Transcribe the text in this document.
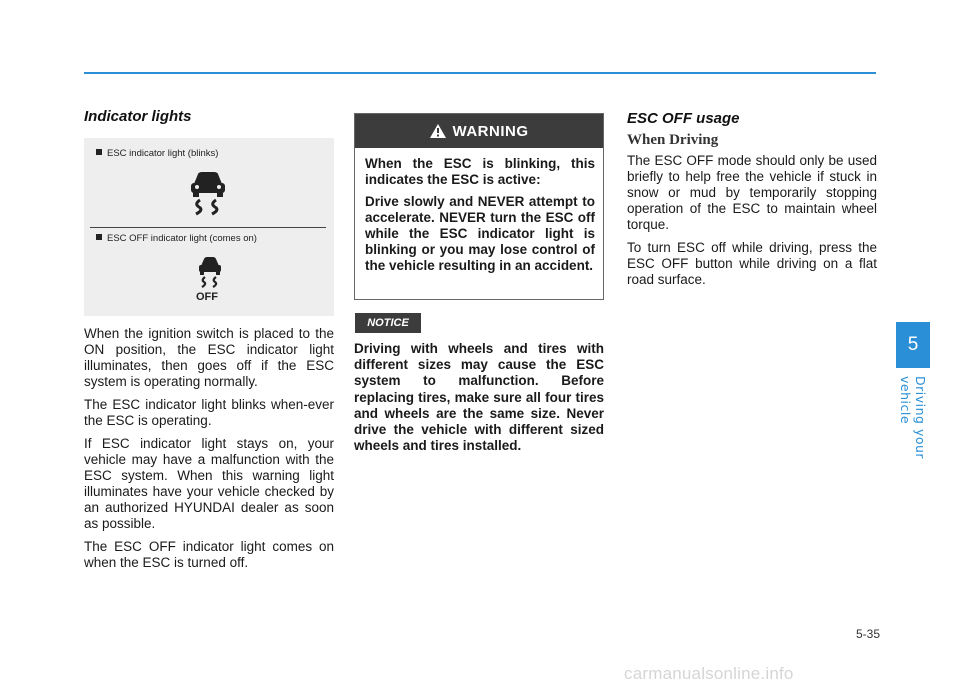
Indicator lights
ESC indicator light (blinks)
ESC OFF indicator light (comes on)
OFF

When the ignition switch is placed to the ON position, the ESC indicator light illuminates, then goes off if the ESC system is operating normally.

The ESC indicator light blinks when-ever the ESC is operating.

If ESC indicator light stays on, your vehicle may have a malfunction with the ESC system. When this warning light illuminates have your vehicle checked by an authorized HYUNDAI dealer as soon as possible.

The ESC OFF indicator light comes on when the ESC is turned off.

WARNING

When the ESC is blinking, this indicates the ESC is active:

Drive slowly and NEVER attempt to accelerate. NEVER turn the ESC off while the ESC indicator light is blinking or you may lose control of the vehicle resulting in an accident.

NOTICE

Driving with wheels and tires with different sizes may cause the ESC system to malfunction. Before replacing tires, make sure all four tires and wheels are the same size. Never drive the vehicle with different sized wheels and tires installed.

ESC OFF usage
When Driving

The ESC OFF mode should only be used briefly to help free the vehicle if stuck in snow or mud by temporarily stopping operation of the ESC to maintain wheel torque.

To turn ESC off while driving, press the ESC OFF button while driving on a flat road surface.

5
Driving your vehicle
5-35
carmanualsonline.info
